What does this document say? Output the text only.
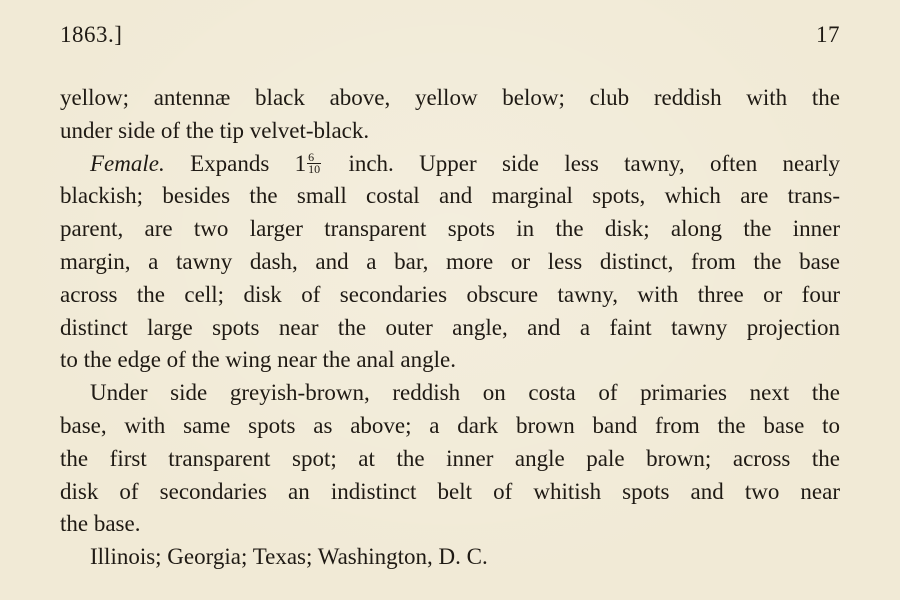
1863.]	17
yellow; antennæ black above, yellow below; club reddish with the
under side of the tip velvet-black.
Female. Expands $1 \frac{6}{10}$ inch. Upper side less tawny, often nearly
blackish; besides the small costal and marginal spots, which are trans-
parent, are two larger transparent spots in the disk; along the inner
margin, a tawny dash, and a bar, more or less distinct, from the base
across the cell; disk of secondaries obscure tawny, with three or four
distinct large spots near the outer angle, and a faint tawny projection
to the edge of the wing near the anal angle.
Under side greyish-brown, reddish on costa of primaries next the
base, with same spots as above; a dark brown band from the base to
the first transparent spot; at the inner angle pale brown; across the
disk of secondaries an indistinct belt of whitish spots and two near
the base.
Illinois; Georgia; Texas; Washington, D. C.
